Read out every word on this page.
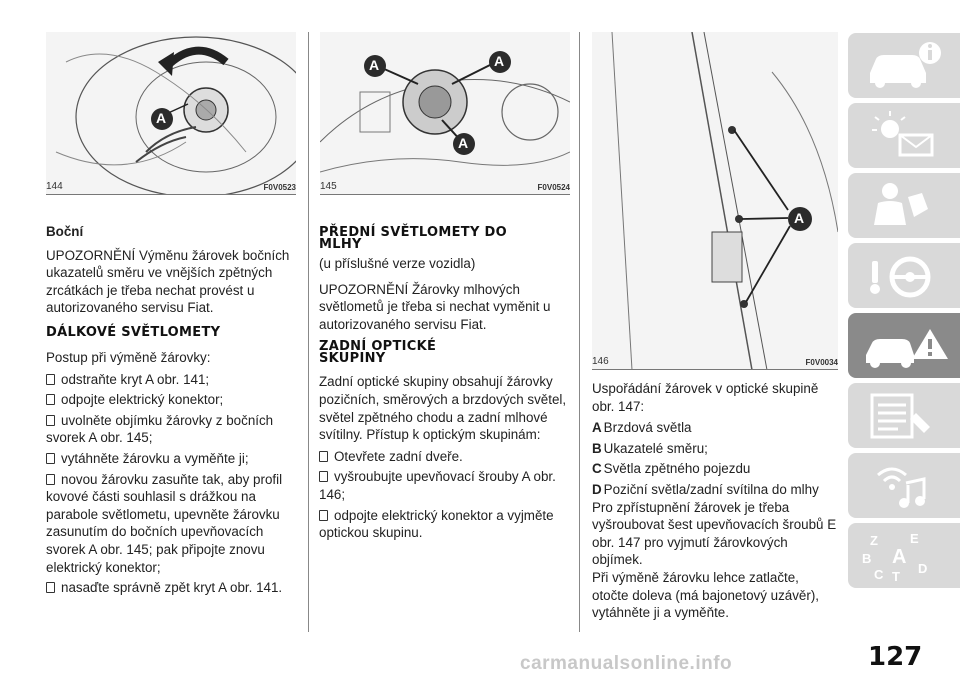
A
144	F0V0523
A	A
A
145	F0V0524
A
146	F0V0034
Boční

UPOZORNĚNÍ Výměnu žárovek bočních ukazatelů směru ve vnějších zpětných zrcátkách je třeba nechat provést u autorizovaného servisu Fiat.

DÁLKOVÉ SVĚTLOMETY

Postup při výměně žárovky:

odstraňte kryt A obr. 141;
odpojte elektrický konektor;
uvolněte objímku žárovky z bočních svorek A obr. 145;
vytáhněte žárovku a vyměňte ji;
novou žárovku zasuňte tak, aby profil kovové části souhlasil s drážkou na parabole světlometu, upevněte žárovku zasunutím do bočních upevňovacích svorek A obr. 145; pak připojte znovu elektrický konektor;
nasaďte správně zpět kryt A obr. 141.
PŘEDNÍ SVĚTLOMETY DO
MLHY

(u příslušné verze vozidla)

UPOZORNĚNÍ Žárovky mlhových světlometů je třeba si nechat vyměnit u autorizovaného servisu Fiat.

ZADNÍ OPTICKÉ
SKUPINY

Zadní optické skupiny obsahují žárovky pozičních, směrových a brzdových světel, světel zpětného chodu a zadní mlhové svítilny. Přístup k optickým skupinám:

Otevřete zadní dveře.
vyšroubujte upevňovací šrouby A obr. 146;
odpojte elektrický konektor a vyjměte optickou skupinu.

Uspořádání žárovek v optické skupině obr. 147:

A Brzdová světla
B Ukazatelé směru;
C Světla zpětného pojezdu
D Poziční světla/zadní svítilna do mlhy

Pro zpřístupnění žárovek je třeba vyšroubovat šest upevňovacích šroubů E obr. 147 pro vyjmutí žárovkových objímek.

Při výměně žárovku lehce zatlačte, otočte doleva (má bajonetový uzávěr), vytáhněte ji a vyměňte.

Z E
B A
C T
D
carmanualsonline.info	127
